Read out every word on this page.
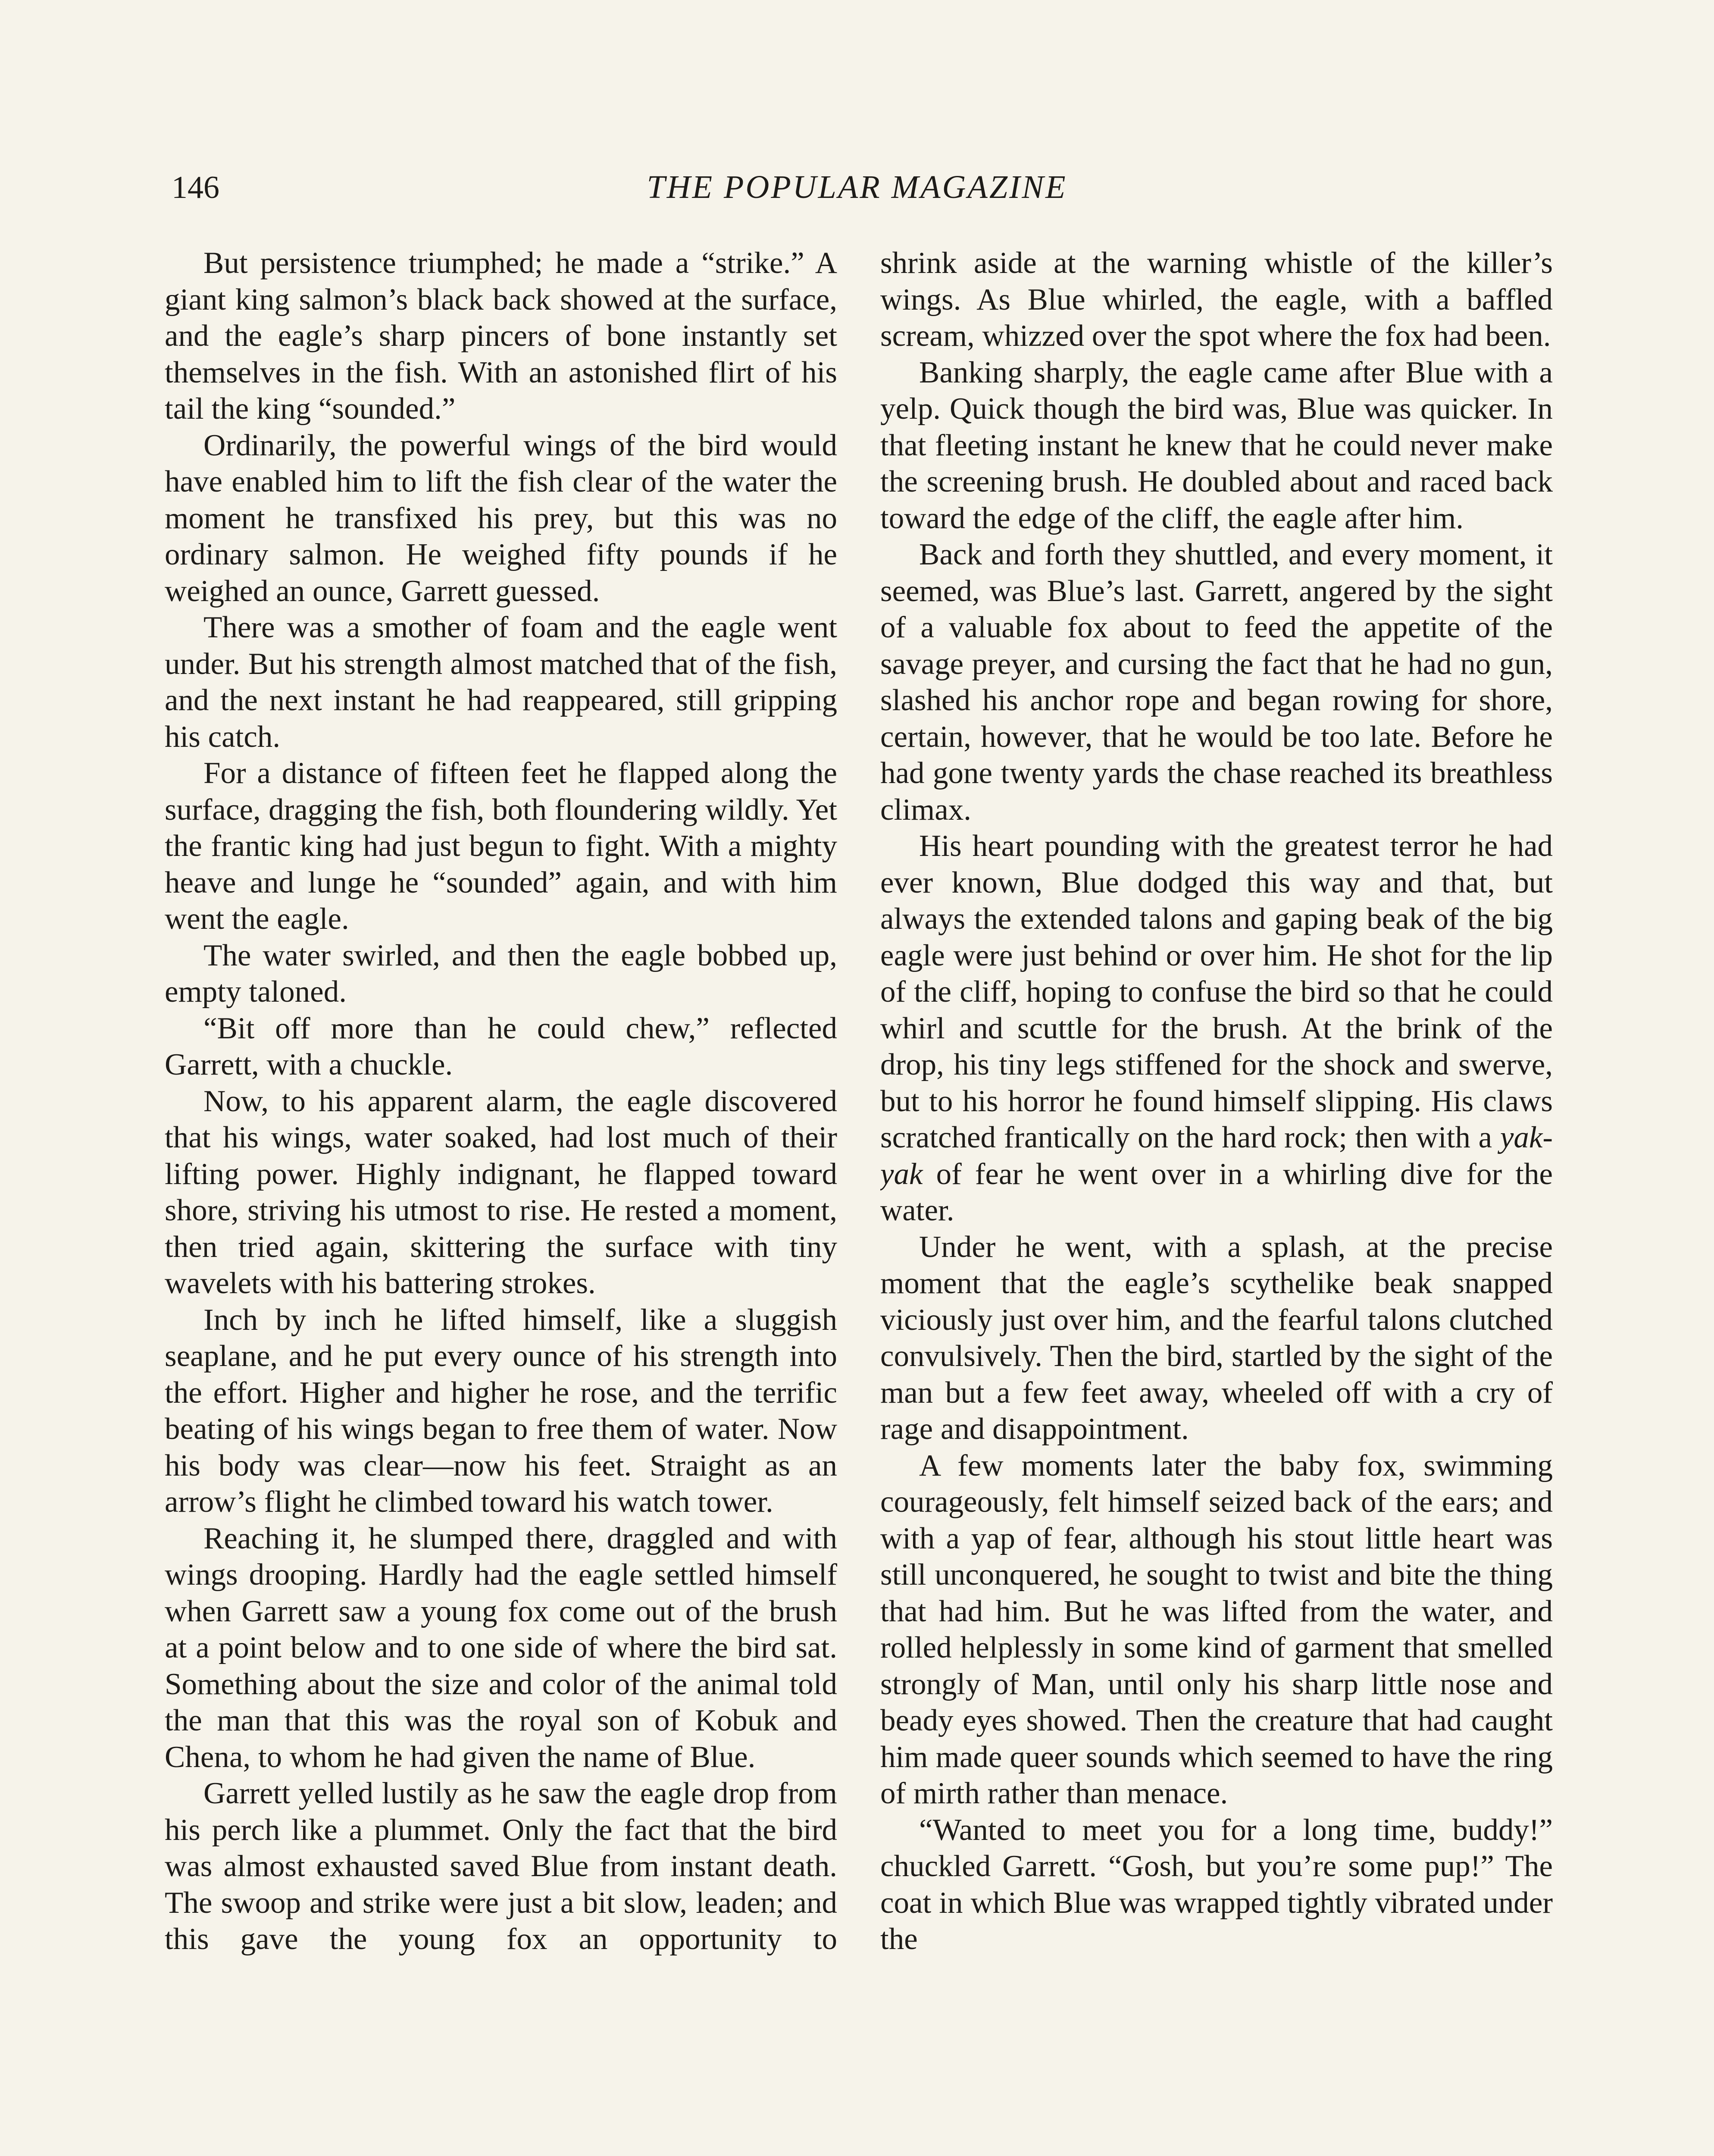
146	THE POPULAR MAGAZINE

But persistence triumphed; he made a “strike.” A giant king salmon’s black back showed at the surface, and the eagle’s sharp pincers of bone instantly set themselves in the fish. With an astonished flirt of his tail the king “sounded.”

Ordinarily, the powerful wings of the bird would have enabled him to lift the fish clear of the water the moment he transfixed his prey, but this was no ordinary salmon. He weighed fifty pounds if he weighed an ounce, Garrett guessed.

There was a smother of foam and the eagle went under. But his strength almost matched that of the fish, and the next instant he had reappeared, still gripping his catch.

For a distance of fifteen feet he flapped along the surface, dragging the fish, both floundering wildly. Yet the frantic king had just begun to fight. With a mighty heave and lunge he “sounded” again, and with him went the eagle.

The water swirled, and then the eagle bobbed up, empty taloned.

“Bit off more than he could chew,” reflected Garrett, with a chuckle.

Now, to his apparent alarm, the eagle discovered that his wings, water soaked, had lost much of their lifting power. Highly indignant, he flapped toward shore, striving his utmost to rise. He rested a moment, then tried again, skittering the surface with tiny wavelets with his battering strokes.

Inch by inch he lifted himself, like a sluggish seaplane, and he put every ounce of his strength into the effort. Higher and higher he rose, and the terrific beating of his wings began to free them of water. Now his body was clear—now his feet. Straight as an arrow’s flight he climbed toward his watch tower.

Reaching it, he slumped there, draggled and with wings drooping. Hardly had the eagle settled himself when Garrett saw a young fox come out of the brush at a point below and to one side of where the bird sat. Something about the size and color of the animal told the man that this was the royal son of Kobuk and Chena, to whom he had given the name of Blue.

Garrett yelled lustily as he saw the eagle drop from his perch like a plummet. Only the fact that the bird was almost exhausted saved Blue from instant death. The swoop and strike were just a bit slow, leaden; and this gave the young fox an opportunity to

shrink aside at the warning whistle of the killer’s wings. As Blue whirled, the eagle, with a baffled scream, whizzed over the spot where the fox had been.

Banking sharply, the eagle came after Blue with a yelp. Quick though the bird was, Blue was quicker. In that fleeting instant he knew that he could never make the screening brush. He doubled about and raced back toward the edge of the cliff, the eagle after him.

Back and forth they shuttled, and every moment, it seemed, was Blue’s last. Garrett, angered by the sight of a valuable fox about to feed the appetite of the savage preyer, and cursing the fact that he had no gun, slashed his anchor rope and began rowing for shore, certain, however, that he would be too late. Before he had gone twenty yards the chase reached its breathless climax.

His heart pounding with the greatest terror he had ever known, Blue dodged this way and that, but always the extended talons and gaping beak of the big eagle were just behind or over him. He shot for the lip of the cliff, hoping to confuse the bird so that he could whirl and scuttle for the brush. At the brink of the drop, his tiny legs stiffened for the shock and swerve, but to his horror he found himself slipping. His claws scratched frantically on the hard rock; then with a yak-yak of fear he went over in a whirling dive for the water.

Under he went, with a splash, at the precise moment that the eagle’s scythelike beak snapped viciously just over him, and the fearful talons clutched convulsively. Then the bird, startled by the sight of the man but a few feet away, wheeled off with a cry of rage and disappointment.

A few moments later the baby fox, swimming courageously, felt himself seized back of the ears; and with a yap of fear, although his stout little heart was still unconquered, he sought to twist and bite the thing that had him. But he was lifted from the water, and rolled helplessly in some kind of garment that smelled strongly of Man, until only his sharp little nose and beady eyes showed. Then the creature that had caught him made queer sounds which seemed to have the ring of mirth rather than menace.

“Wanted to meet you for a long time, buddy!” chuckled Garrett. “Gosh, but you’re some pup!” The coat in which Blue was wrapped tightly vibrated under the
